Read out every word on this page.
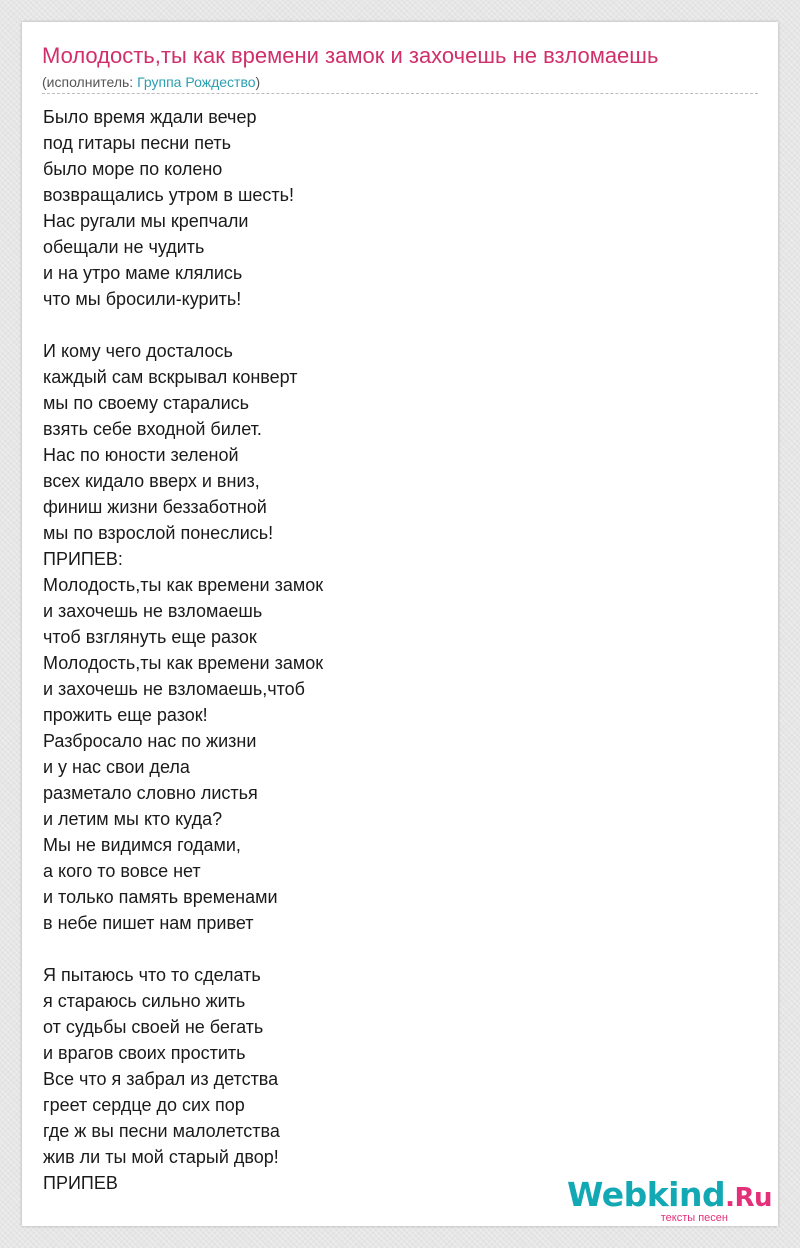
Молодость,ты как времени замок и захочешь не взломаешь
(исполнитель: Группа Рождество)
Было время ждали вечер
под гитары песни петь
было море по колено
возвращались утром в шесть!
Нас ругали мы крепчали
обещали не чудить
и на утро маме клялись
что мы бросили-курить!

И кому чего досталось
каждый сам вскрывал конверт
мы по своему старались
взять себе входной билет.
Нас по юности зеленой
всех кидало вверх и вниз,
финиш жизни беззаботной
мы по взрослой понеслись!
ПРИПЕВ:
Молодость,ты как времени замок
и захочешь не взломаешь
чтоб взглянуть еще разок
Молодость,ты как времени замок
и захочешь не взломаешь,чтоб
прожить еще разок!
Разбросало нас по жизни
и у нас свои дела
разметало словно листья
и летим мы кто куда?
Мы не видимся годами,
а кого то вовсе нет
и только память временами
в небе пишет нам привет

Я пытаюсь что то сделать
я стараюсь сильно жить
от судьбы своей не бегать
и врагов своих простить
Все что я забрал из детства
греет сердце до сих пор
где ж вы песни малолетства
жив ли ты мой старый двор!
ПРИПЕВ	Webkind.Ru
тексты песен
